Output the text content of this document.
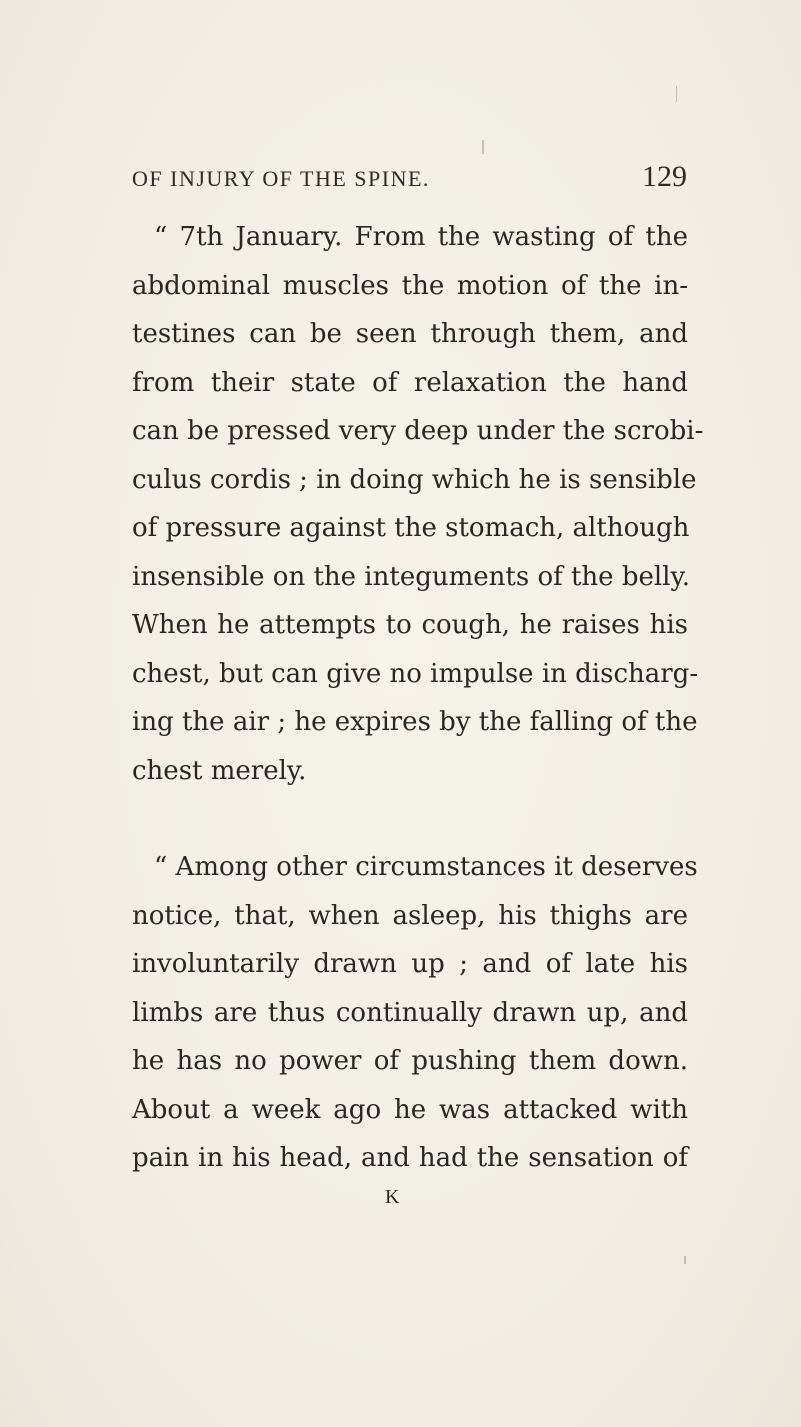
OF INJURY OF THE SPINE.	129
“ 7th January. From the wasting of the
abdominal muscles the motion of the in-
testines can be seen through them, and
from their state of relaxation the hand
can be pressed very deep under the scrobi-
culus cordis ; in doing which he is sensible
of pressure against the stomach, although
insensible on the integuments of the belly.
When he attempts to cough, he raises his
chest, but can give no impulse in discharg-
ing the air ; he expires by the falling of the
chest merely.
“ Among other circumstances it deserves
notice, that, when asleep, his thighs are
involuntarily drawn up ; and of late his
limbs are thus continually drawn up, and
he has no power of pushing them down.
About a week ago he was attacked with
pain in his head, and had the sensation of
K
